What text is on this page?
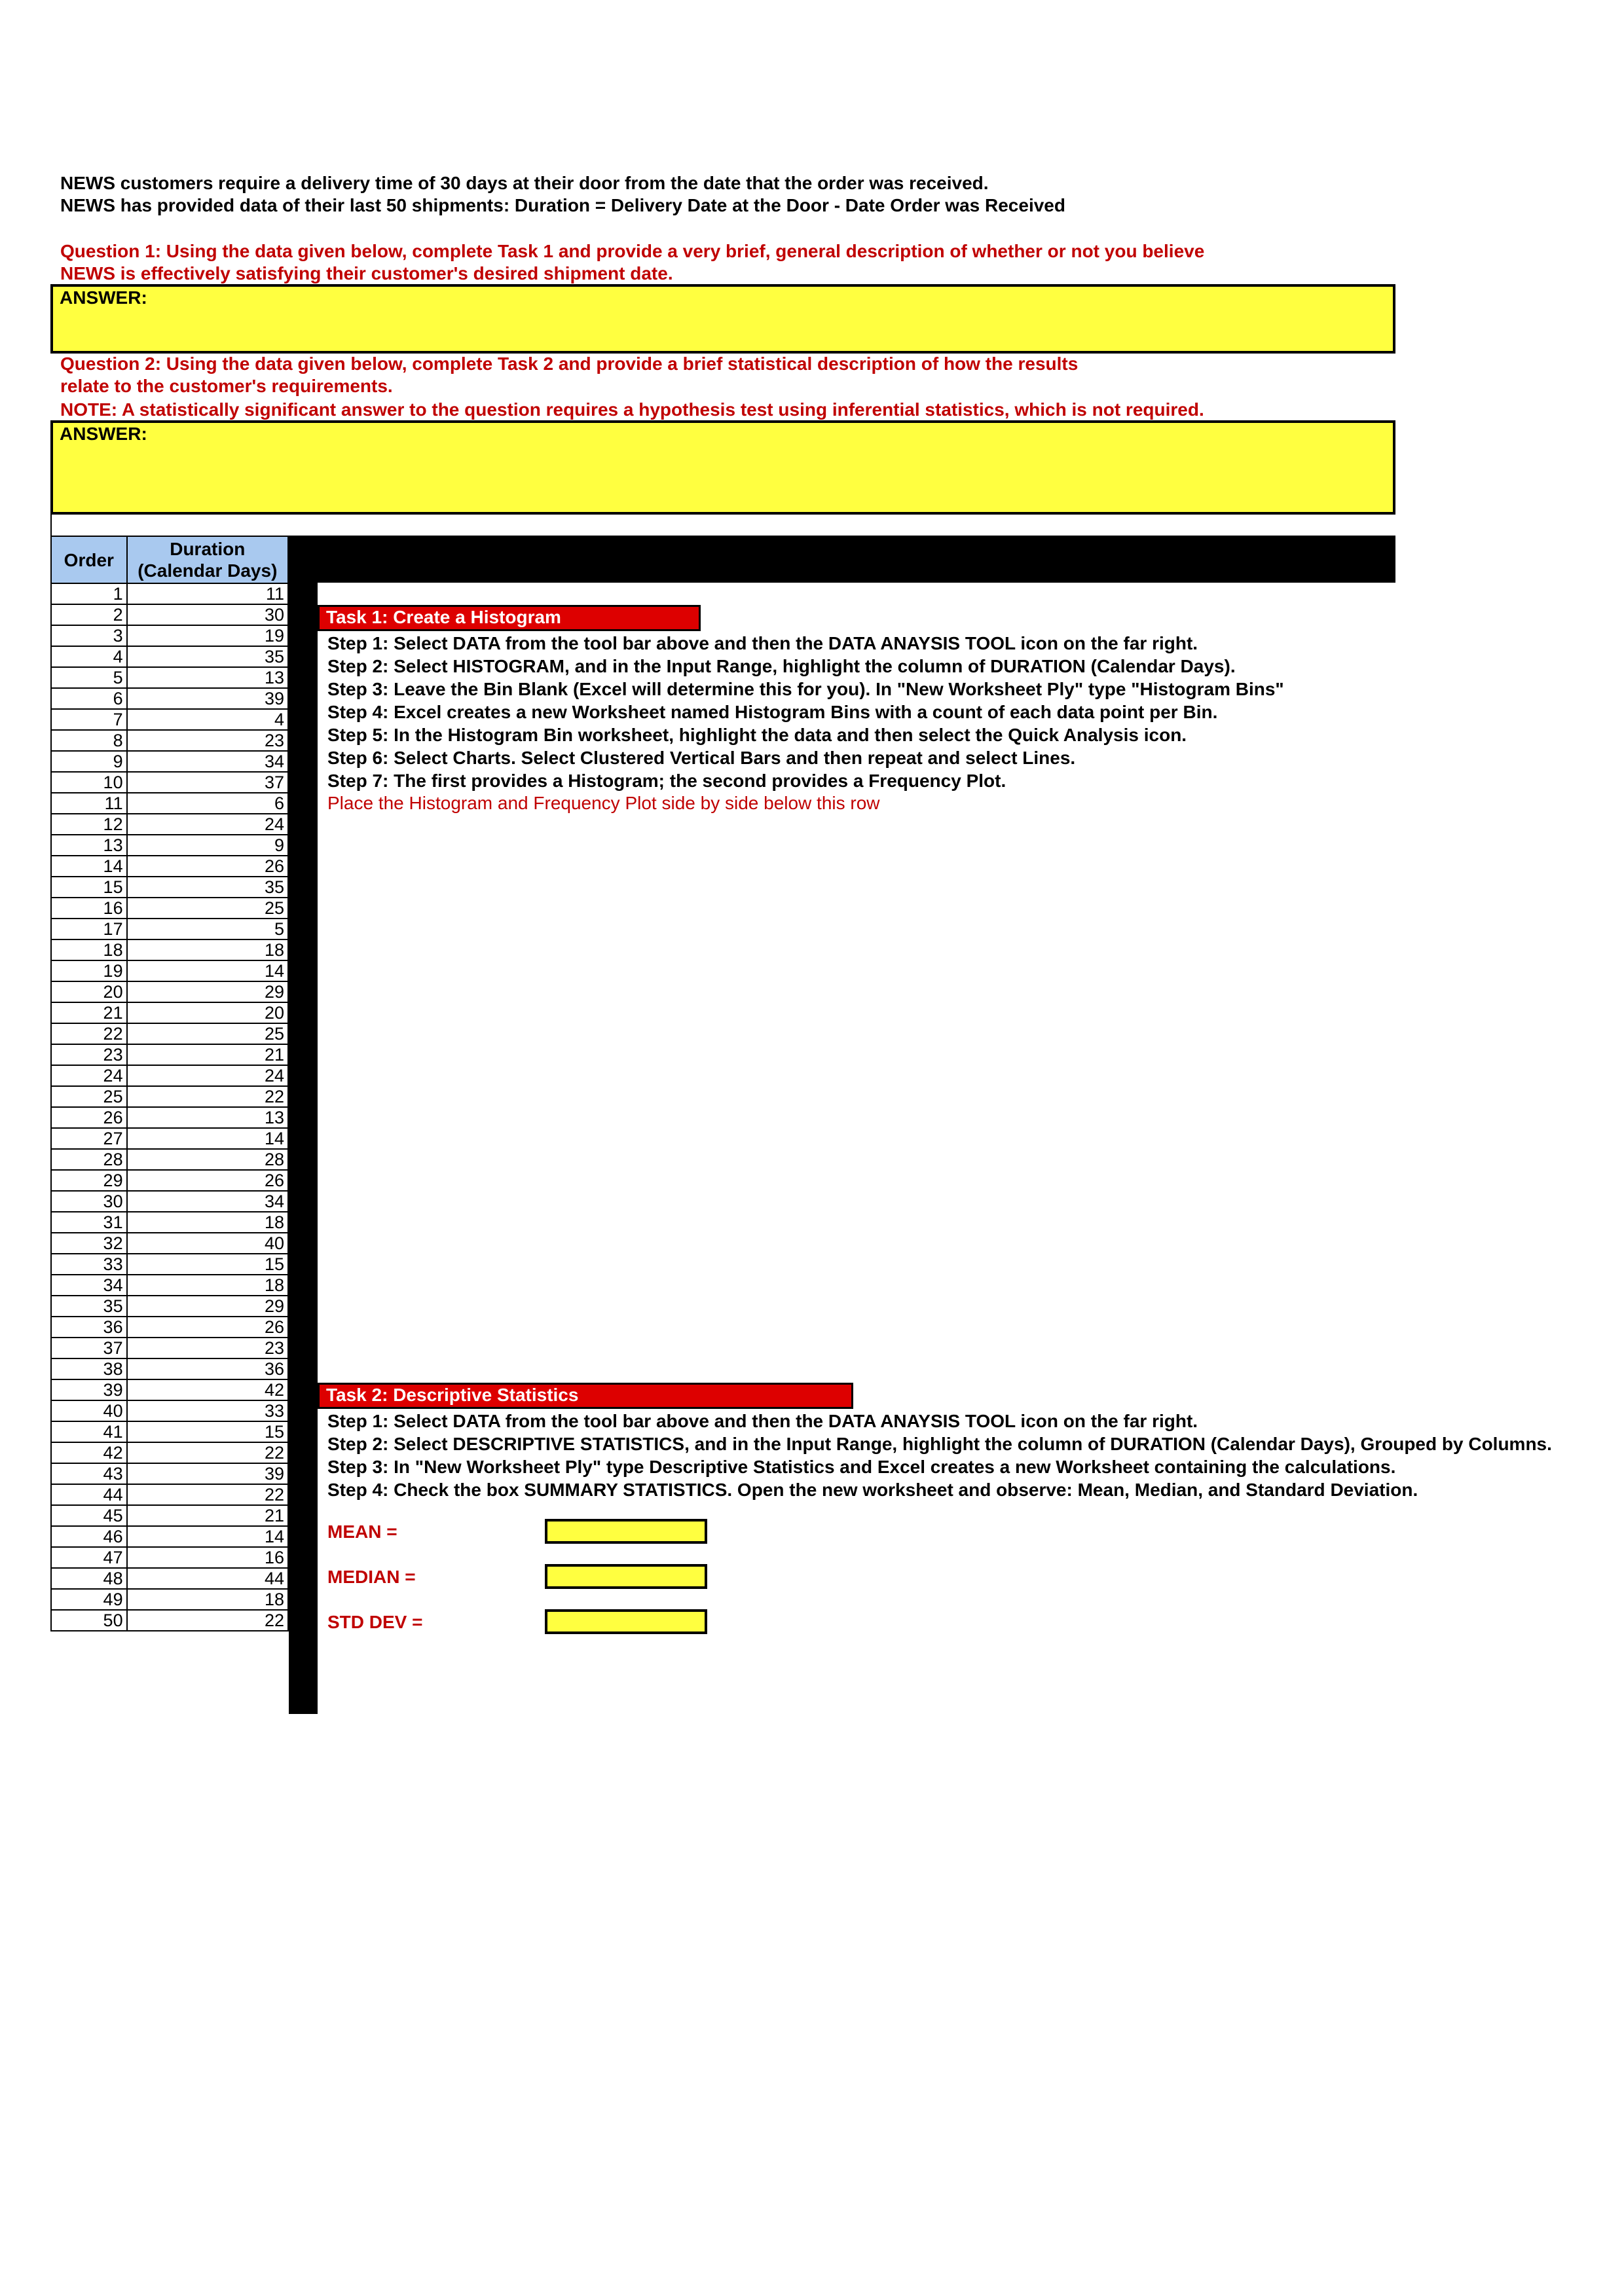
NEWS customers require a delivery time of 30 days at their door from the date that the order was received.
NEWS has provided data of their last 50 shipments: Duration = Delivery Date at the Door - Date Order was Received
Question 1: Using the data given below, complete Task 1 and provide a very brief, general description of whether or not you believe
NEWS is effectively satisfying their customer's desired shipment date.
ANSWER:
Question 2: Using the data given below, complete Task 2 and provide a brief statistical description of how the results
relate to the customer's requirements.
NOTE: A statistically significant answer to the question requires a hypothesis test using inferential statistics, which is not required.
ANSWER:
Order	Duration
(Calendar Days)

1	11
2	30
3	19
4	35
5	13
6	39
7	4
8	23
9	34
10	37
11	6
12	24
13	9
14	26
15	35
16	25
17	5
18	18
19	14
20	29
21	20
22	25
23	21
24	24
25	22
26	13
27	14
28	28
29	26
30	34
31	18
32	40
33	15
34	18
35	29
36	26
37	23
38	36
39	42
40	33
41	15
42	22
43	39
44	22
45	21
46	14
47	16
48	44
49	18
50	22
Task 1: Create a Histogram
Step 1: Select DATA from the tool bar above and then the DATA ANAYSIS TOOL icon on the far right.
Step 2: Select HISTOGRAM, and in the Input Range, highlight the column of DURATION (Calendar Days).
Step 3: Leave the Bin Blank (Excel will determine this for you). In "New Worksheet Ply" type "Histogram Bins"
Step 4: Excel creates a new Worksheet named Histogram Bins with a count of each data point per Bin.
Step 5: In the Histogram Bin worksheet, highlight the data and then select the Quick Analysis icon.
Step 6: Select Charts. Select Clustered Vertical Bars and then repeat and select Lines.
Step 7: The first provides a Histogram; the second provides a Frequency Plot.
Place the Histogram and Frequency Plot side by side below this row
Task 2: Descriptive Statistics
Step 1: Select DATA from the tool bar above and then the DATA ANAYSIS TOOL icon on the far right.
Step 2: Select DESCRIPTIVE STATISTICS, and in the Input Range, highlight the column of DURATION (Calendar Days), Grouped by Columns.
Step 3: In "New Worksheet Ply" type Descriptive Statistics and Excel creates a new Worksheet containing the calculations.
Step 4: Check the box SUMMARY STATISTICS. Open the new worksheet and observe: Mean, Median, and Standard Deviation.
MEAN =
MEDIAN =
STD DEV =
